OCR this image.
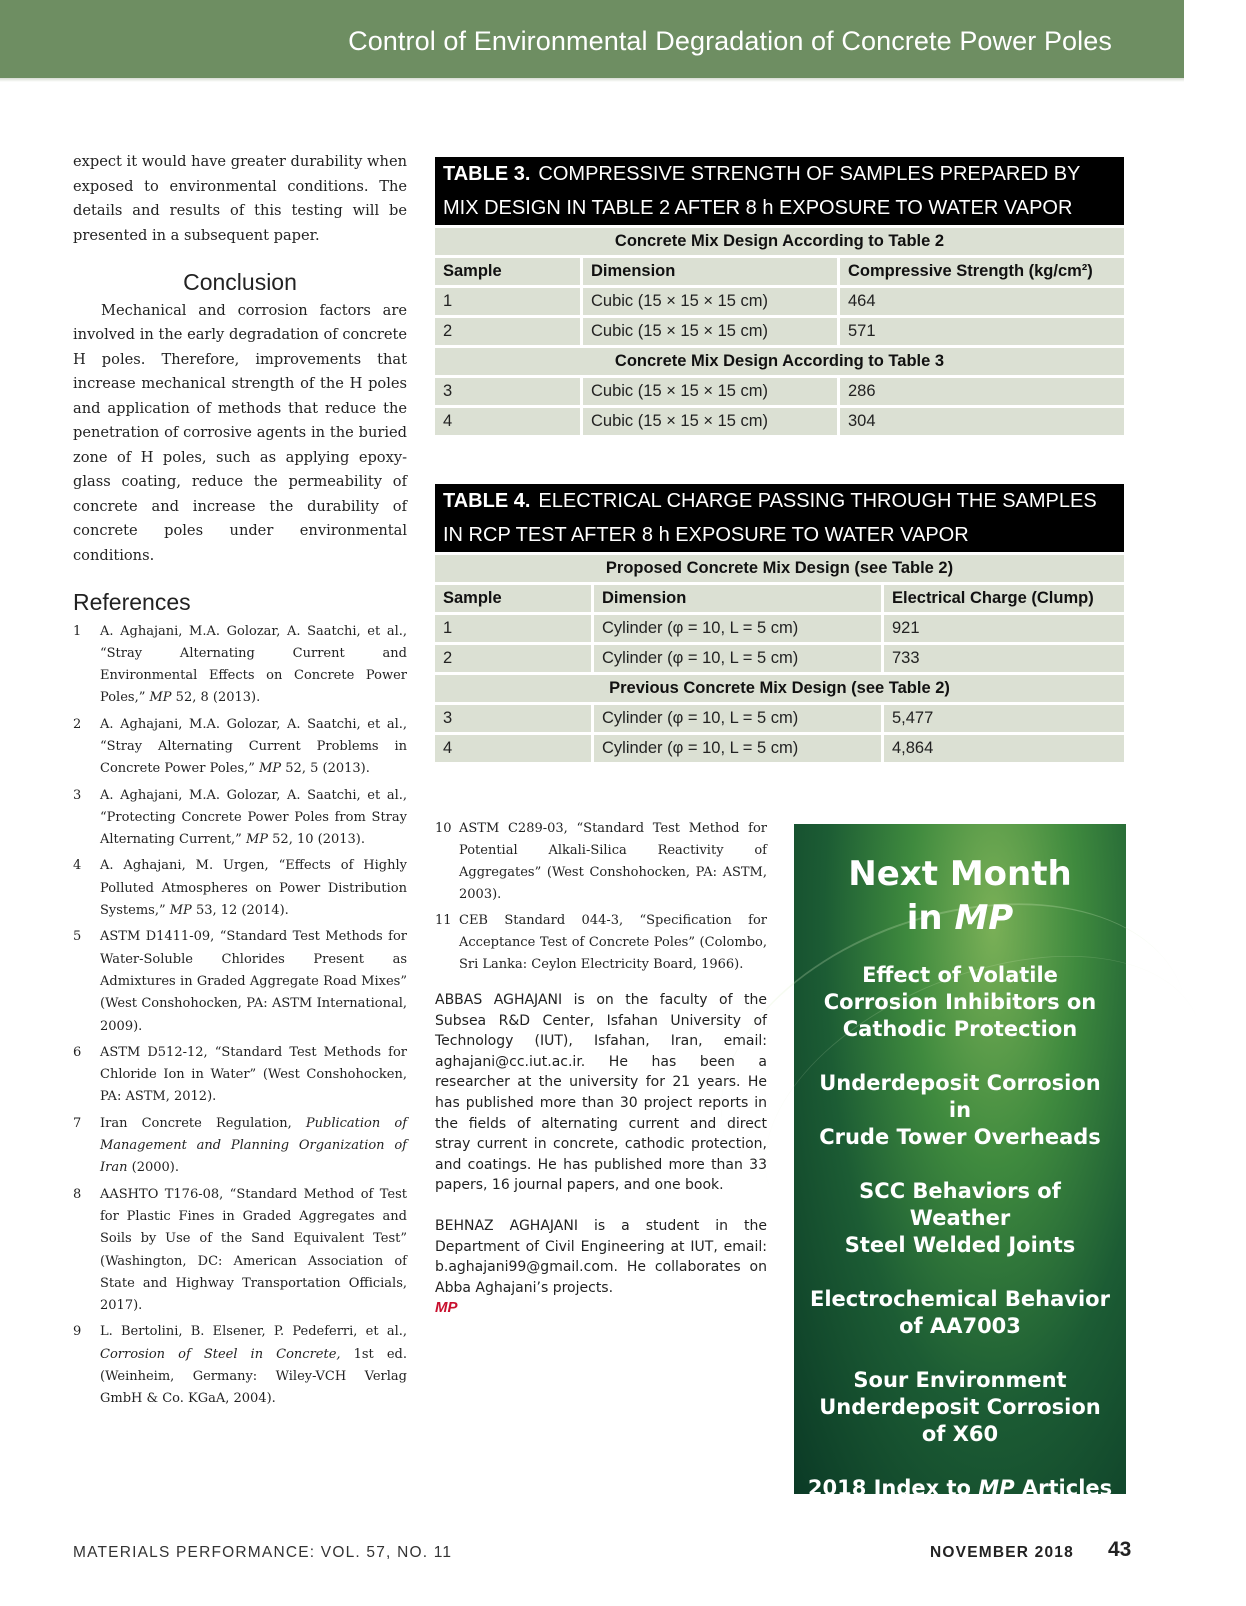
Control of Environmental Degradation of Concrete Power Poles

expect it would have greater durability when exposed to environmental conditions. The details and results of this testing will be presented in a subsequent paper.

Conclusion

Mechanical and corrosion factors are involved in the early degradation of concrete H poles. Therefore, improvements that increase mechanical strength of the H poles and application of methods that reduce the penetration of corrosive agents in the buried zone of H poles, such as applying epoxy-glass coating, reduce the permeability of concrete and increase the durability of concrete poles under environmental conditions.

References
1	A. Aghajani, M.A. Golozar, A. Saatchi, et al., “Stray Alternating Current and Environmental Effects on Concrete Power Poles,” MP 52, 8 (2013).
2	A. Aghajani, M.A. Golozar, A. Saatchi, et al., “Stray Alternating Current Problems in Concrete Power Poles,” MP 52, 5 (2013).
3	A. Aghajani, M.A. Golozar, A. Saatchi, et al., “Protecting Concrete Power Poles from Stray Alternating Current,” MP 52, 10 (2013).
4	A. Aghajani, M. Urgen, “Effects of Highly Polluted Atmospheres on Power Distribution Systems,” MP 53, 12 (2014).
5	ASTM D1411-09, “Standard Test Methods for Water-Soluble Chlorides Present as Admixtures in Graded Aggregate Road Mixes” (West Conshohocken, PA: ASTM International, 2009).
6	ASTM D512-12, “Standard Test Methods for Chloride Ion in Water” (West Conshohocken, PA: ASTM, 2012).
7	Iran Concrete Regulation, Publication of Management and Planning Organization of Iran (2000).
8	AASHTO T176-08, “Standard Method of Test for Plastic Fines in Graded Aggregates and Soils by Use of the Sand Equivalent Test” (Washington, DC: American Association of State and Highway Transportation Officials, 2017).
9	L. Bertolini, B. Elsener, P. Pedeferri, et al., Corrosion of Steel in Concrete, 1st ed. (Weinheim, Germany: Wiley-VCH Verlag GmbH & Co. KGaA, 2004).
TABLE 3. COMPRESSIVE STRENGTH OF SAMPLES PREPARED BY MIX DESIGN IN TABLE 2 AFTER 8 h EXPOSURE TO WATER VAPOR
Concrete Mix Design According to Table 2
Sample	Dimension	Compressive Strength (kg/cm²)
1	Cubic (15 × 15 × 15 cm)	464
2	Cubic (15 × 15 × 15 cm)	571
Concrete Mix Design According to Table 3
3	Cubic (15 × 15 × 15 cm)	286
4	Cubic (15 × 15 × 15 cm)	304
TABLE 4. ELECTRICAL CHARGE PASSING THROUGH THE SAMPLES IN RCP TEST AFTER 8 h EXPOSURE TO WATER VAPOR
Proposed Concrete Mix Design (see Table 2)
Sample	Dimension	Electrical Charge (Clump)
1	Cylinder (φ = 10, L = 5 cm)	921
2	Cylinder (φ = 10, L = 5 cm)	733
Previous Concrete Mix Design (see Table 2)
3	Cylinder (φ = 10, L = 5 cm)	5,477
4	Cylinder (φ = 10, L = 5 cm)	4,864
10 ASTM C289-03, “Standard Test Method for Potential Alkali-Silica Reactivity of Aggregates” (West Conshohocken, PA: ASTM, 2003).
11 CEB Standard 044-3, “Specification for Acceptance Test of Concrete Poles” (Colombo, Sri Lanka: Ceylon Electricity Board, 1966).

ABBAS AGHAJANI is on the faculty of the Subsea R&D Center, Isfahan University of Technology (IUT), Isfahan, Iran, email: aghajani@cc.iut.ac.ir. He has been a researcher at the university for 21 years. He has published more than 30 project reports in the fields of alternating current and direct stray current in concrete, cathodic protection, and coatings. He has published more than 33 papers, 16 journal papers, and one book.

BEHNAZ AGHAJANI is a student in the Department of Civil Engineering at IUT, email: b.aghajani99@gmail.com. He collaborates on Abba Aghajani’s projects.
MP

Next Month
in MP
Effect of Volatile
Corrosion Inhibitors on
Cathodic Protection
Underdeposit Corrosion in
Crude Tower Overheads
SCC Behaviors of Weather
Steel Welded Joints
Electrochemical Behavior
of AA7003
Sour Environment
Underdeposit Corrosion
of X60
2018 Index to MP Articles
and Authors
MATERIALS PERFORMANCE: VOL. 57, NO. 11	NOVEMBER 2018 43
